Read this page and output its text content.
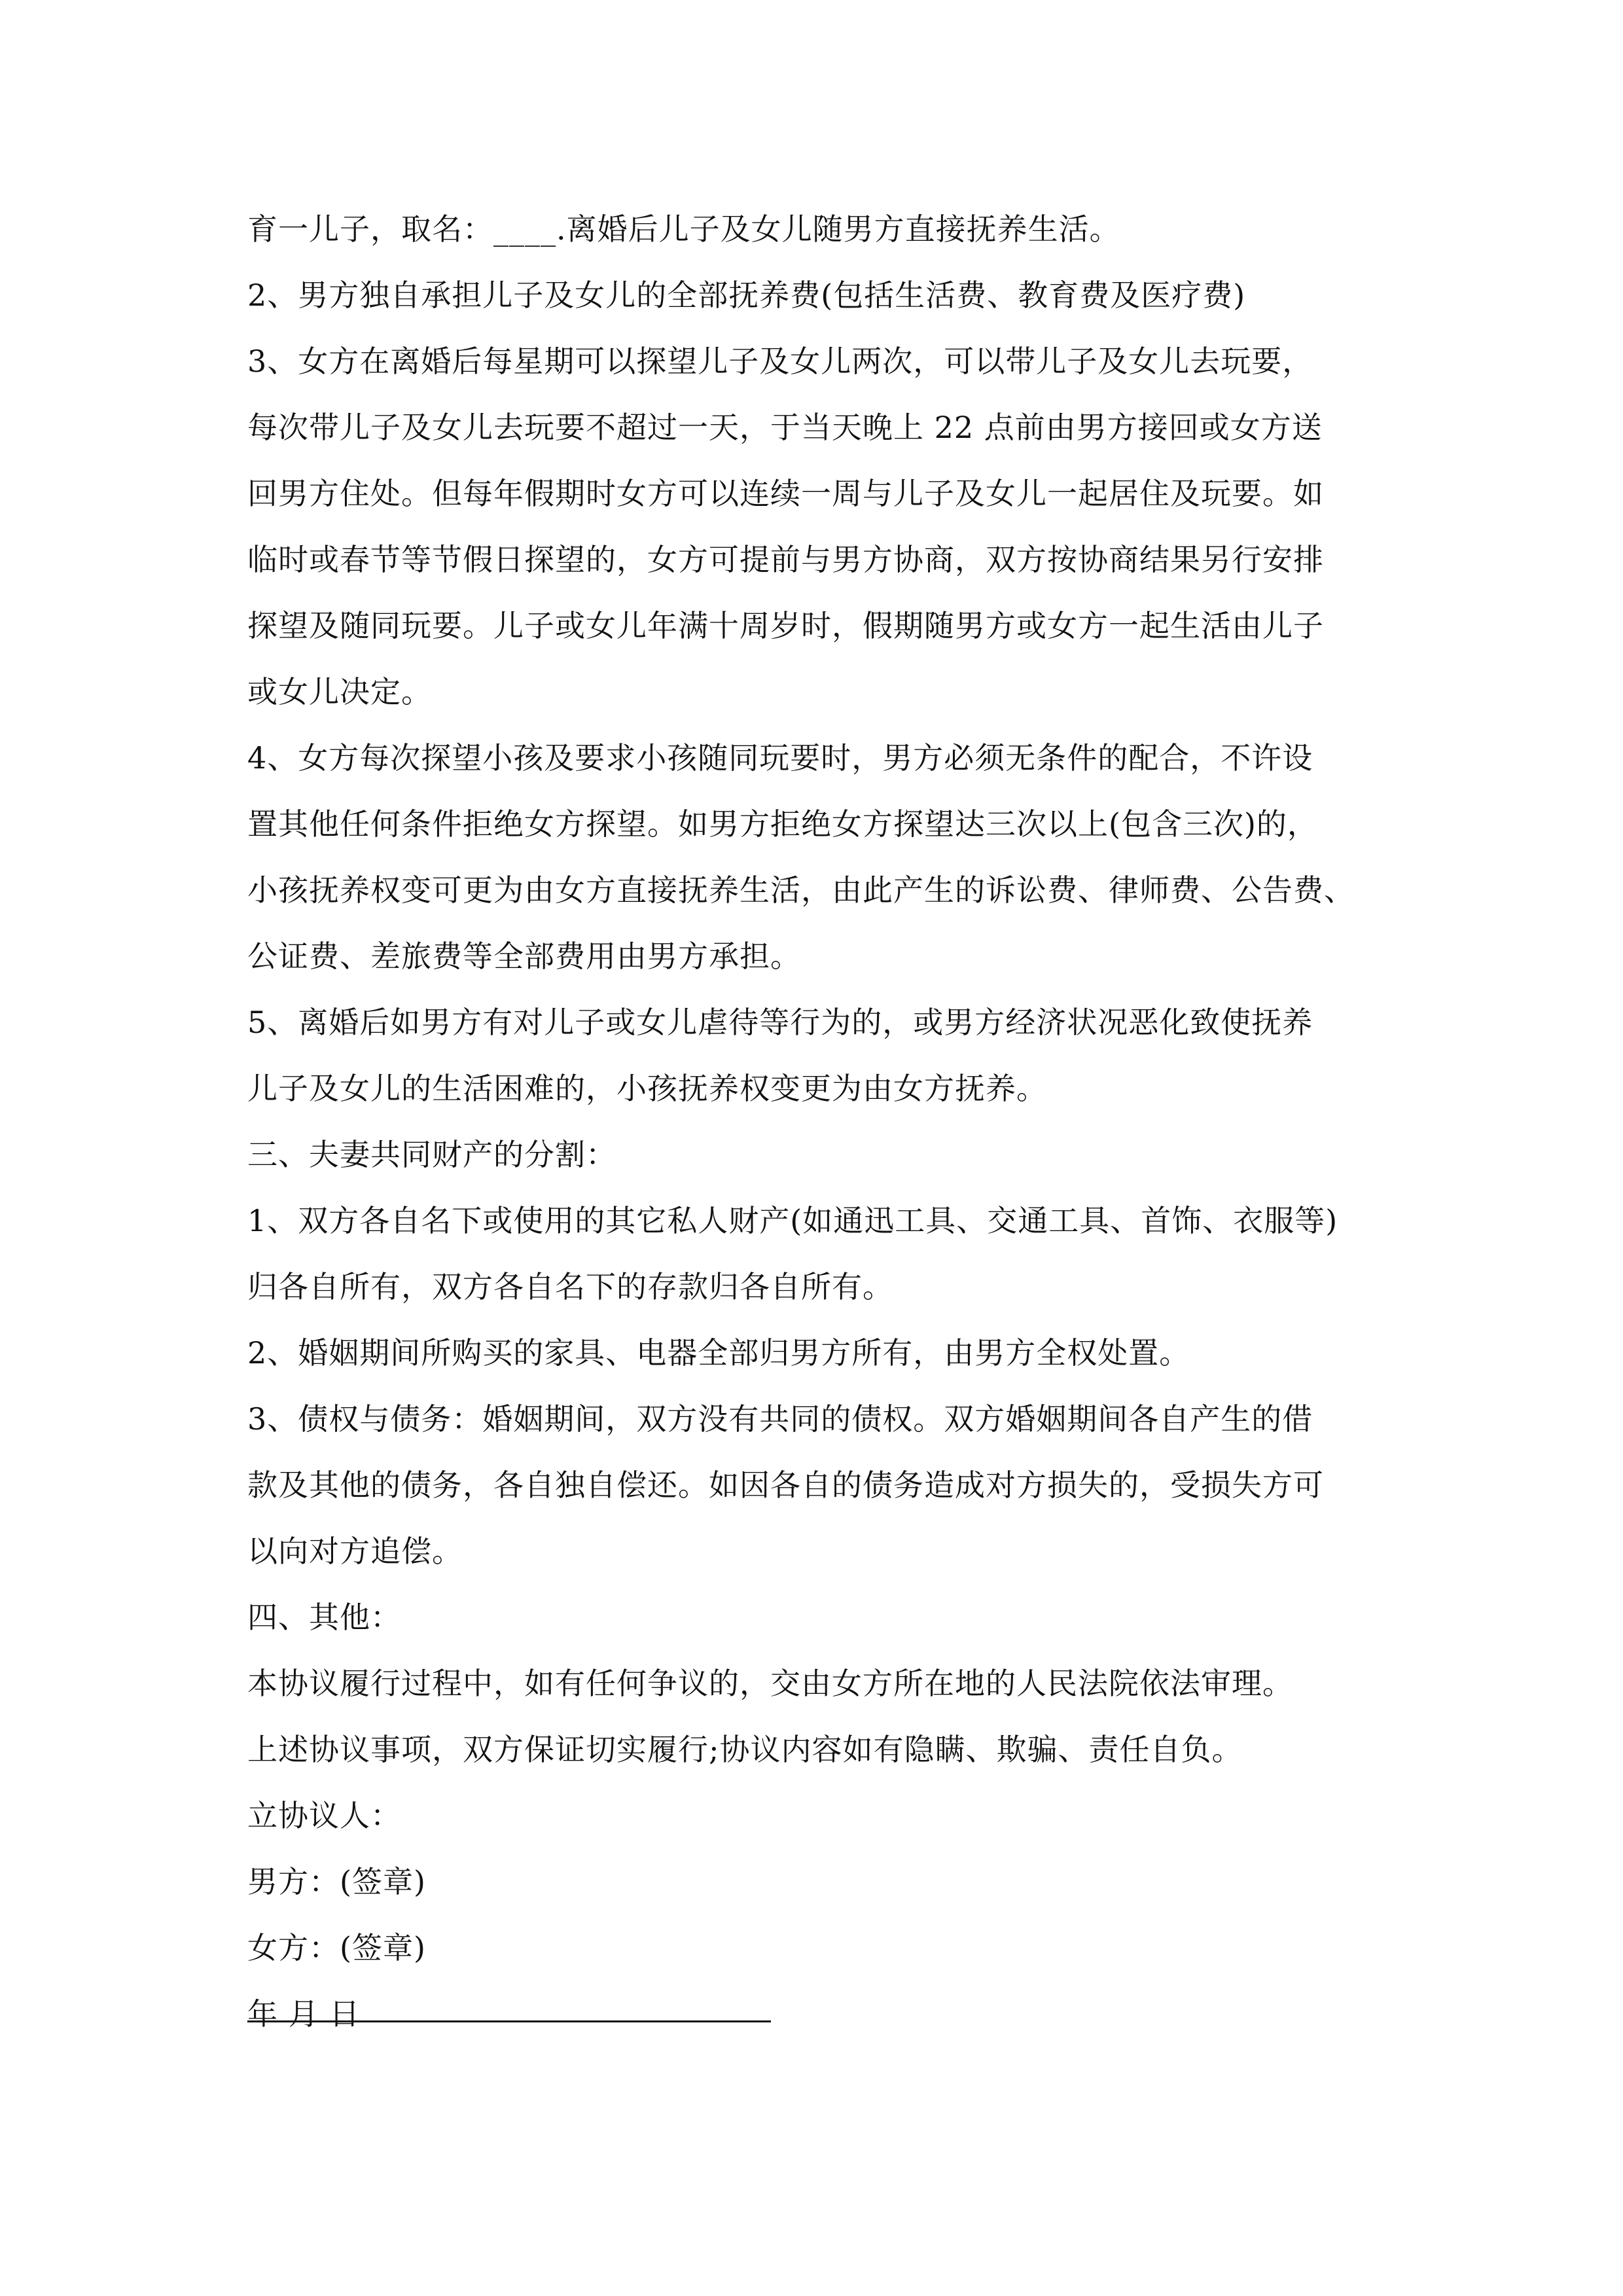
育一儿子，取名：____.离婚后儿子及女儿随男方直接抚养生活。
2、男方独自承担儿子及女儿的全部抚养费(包括生活费、教育费及医疗费)
3、女方在离婚后每星期可以探望儿子及女儿两次，可以带儿子及女儿去玩要，
每次带儿子及女儿去玩要不超过一天，于当天晚上 22 点前由男方接回或女方送
回男方住处。但每年假期时女方可以连续一周与儿子及女儿一起居住及玩要。如
临时或春节等节假日探望的，女方可提前与男方协商，双方按协商结果另行安排
探望及随同玩要。儿子或女儿年满十周岁时，假期随男方或女方一起生活由儿子
或女儿决定。
4、女方每次探望小孩及要求小孩随同玩要时，男方必须无条件的配合，不许设
置其他任何条件拒绝女方探望。如男方拒绝女方探望达三次以上(包含三次)的，
小孩抚养权变可更为由女方直接抚养生活，由此产生的诉讼费、律师费、公告费、
公证费、差旅费等全部费用由男方承担。
5、离婚后如男方有对儿子或女儿虐待等行为的，或男方经济状况恶化致使抚养
儿子及女儿的生活困难的，小孩抚养权变更为由女方抚养。
三、夫妻共同财产的分割：
1、双方各自名下或使用的其它私人财产(如通迅工具、交通工具、首饰、衣服等)
归各自所有，双方各自名下的存款归各自所有。
2、婚姻期间所购买的家具、电器全部归男方所有，由男方全权处置。
3、债权与债务：婚姻期间，双方没有共同的债权。双方婚姻期间各自产生的借
款及其他的债务，各自独自偿还。如因各自的债务造成对方损失的，受损失方可
以向对方追偿。
四、其他：
本协议履行过程中，如有任何争议的，交由女方所在地的人民法院依法审理。
上述协议事项，双方保证切实履行;协议内容如有隐瞒、欺骗、责任自负。
立协议人：
男方：(签章)
女方：(签章)
年 月 日
